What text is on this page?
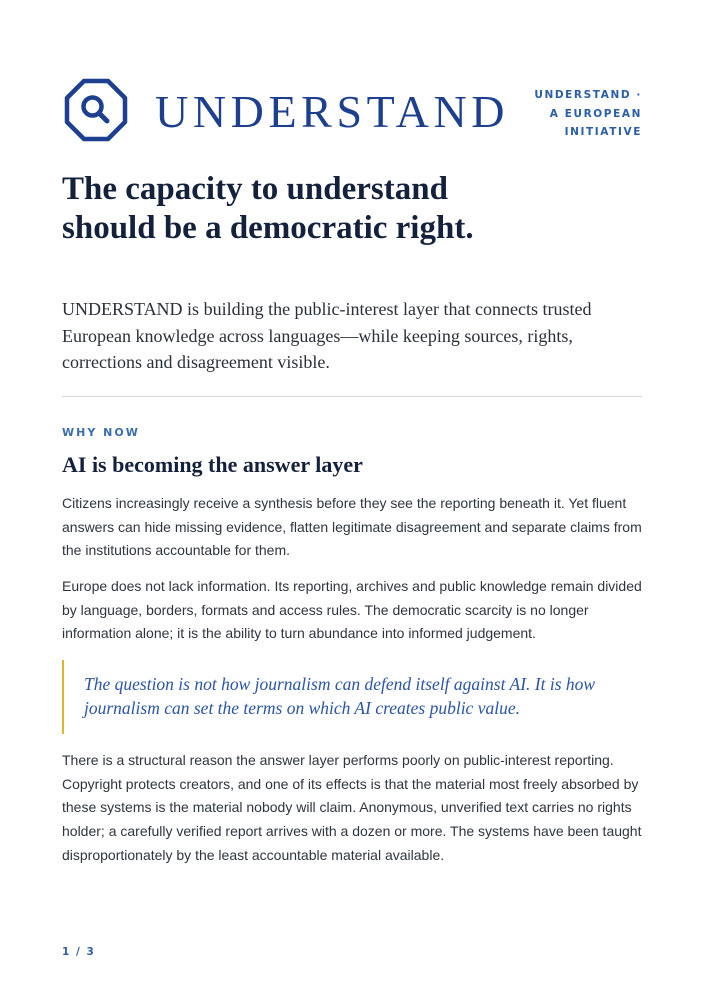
UNDERSTAND	UNDERSTAND ·
A EUROPEAN
INITIATIVE
The capacity to understand should be a democratic right.

UNDERSTAND is building the public-interest layer that connects trusted European knowledge across languages—while keeping sources, rights, corrections and disagreement visible.

WHY NOW
AI is becoming the answer layer

Citizens increasingly receive a synthesis before they see the reporting beneath it. Yet fluent answers can hide missing evidence, flatten legitimate disagreement and separate claims from the institutions accountable for them.

Europe does not lack information. Its reporting, archives and public knowledge remain divided by language, borders, formats and access rules. The democratic scarcity is no longer information alone; it is the ability to turn abundance into informed judgement.

The question is not how journalism can defend itself against AI. It is how journalism can set the terms on which AI creates public value.

There is a structural reason the answer layer performs poorly on public-interest reporting. Copyright protects creators, and one of its effects is that the material most freely absorbed by these systems is the material nobody will claim. Anonymous, unverified text carries no rights holder; a carefully verified report arrives with a dozen or more. The systems have been taught disproportionately by the least accountable material available.

1 / 3
